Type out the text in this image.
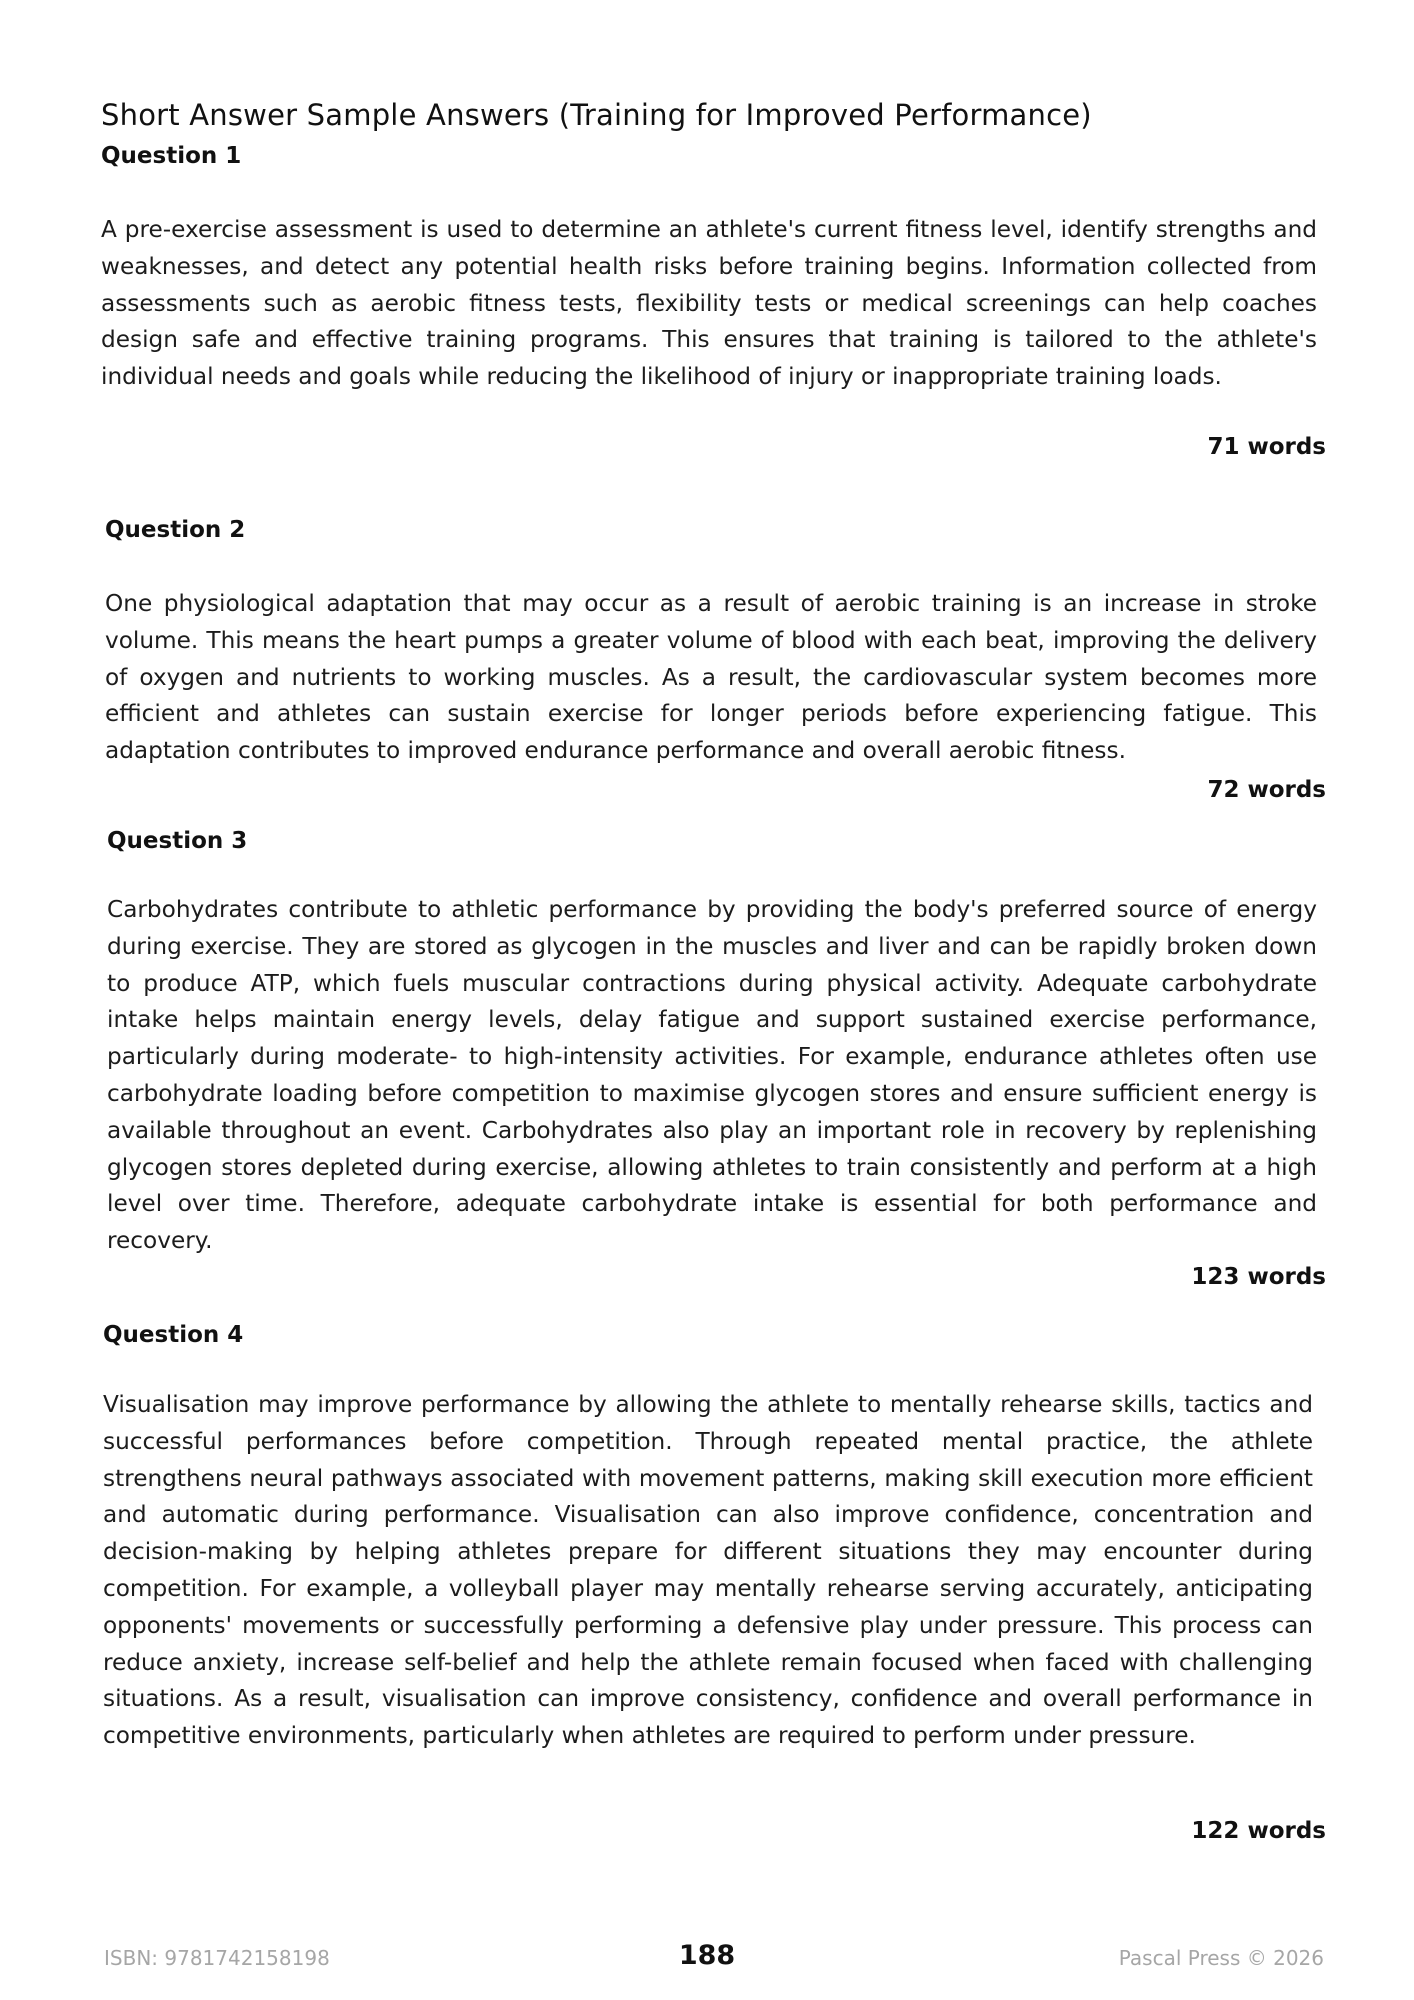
Short Answer Sample Answers (Training for Improved Performance)
Question 1

A pre-exercise assessment is used to determine an athlete's current fitness level, identify strengths and weaknesses, and detect any potential health risks before training begins. Information collected from assessments such as aerobic fitness tests, flexibility tests or medical screenings can help coaches design safe and effective training programs. This ensures that training is tailored to the athlete's individual needs and goals while reducing the likelihood of injury or inappropriate training loads.

71 words
Question 2

One physiological adaptation that may occur as a result of aerobic training is an increase in stroke volume. This means the heart pumps a greater volume of blood with each beat, improving the delivery of oxygen and nutrients to working muscles. As a result, the cardiovascular system becomes more efficient and athletes can sustain exercise for longer periods before experiencing fatigue. This adaptation contributes to improved endurance performance and overall aerobic fitness.

72 words
Question 3

Carbohydrates contribute to athletic performance by providing the body's preferred source of energy during exercise. They are stored as glycogen in the muscles and liver and can be rapidly broken down to produce ATP, which fuels muscular contractions during physical activity. Adequate carbohydrate intake helps maintain energy levels, delay fatigue and support sustained exercise performance, particularly during moderate- to high-intensity activities. For example, endurance athletes often use carbohydrate loading before competition to maximise glycogen stores and ensure sufficient energy is available throughout an event. Carbohydrates also play an important role in recovery by replenishing glycogen stores depleted during exercise, allowing athletes to train consistently and perform at a high level over time. Therefore, adequate carbohydrate intake is essential for both performance and recovery.

123 words
Question 4

Visualisation may improve performance by allowing the athlete to mentally rehearse skills, tactics and successful performances before competition. Through repeated mental practice, the athlete strengthens neural pathways associated with movement patterns, making skill execution more efficient and automatic during performance. Visualisation can also improve confidence, concentration and decision-making by helping athletes prepare for different situations they may encounter during competition. For example, a volleyball player may mentally rehearse serving accurately, anticipating opponents' movements or successfully performing a defensive play under pressure. This process can reduce anxiety, increase self-belief and help the athlete remain focused when faced with challenging situations. As a result, visualisation can improve consistency, confidence and overall performance in competitive environments, particularly when athletes are required to perform under pressure.

122 words
ISBN: 9781742158198	188	Pascal Press © 2026
